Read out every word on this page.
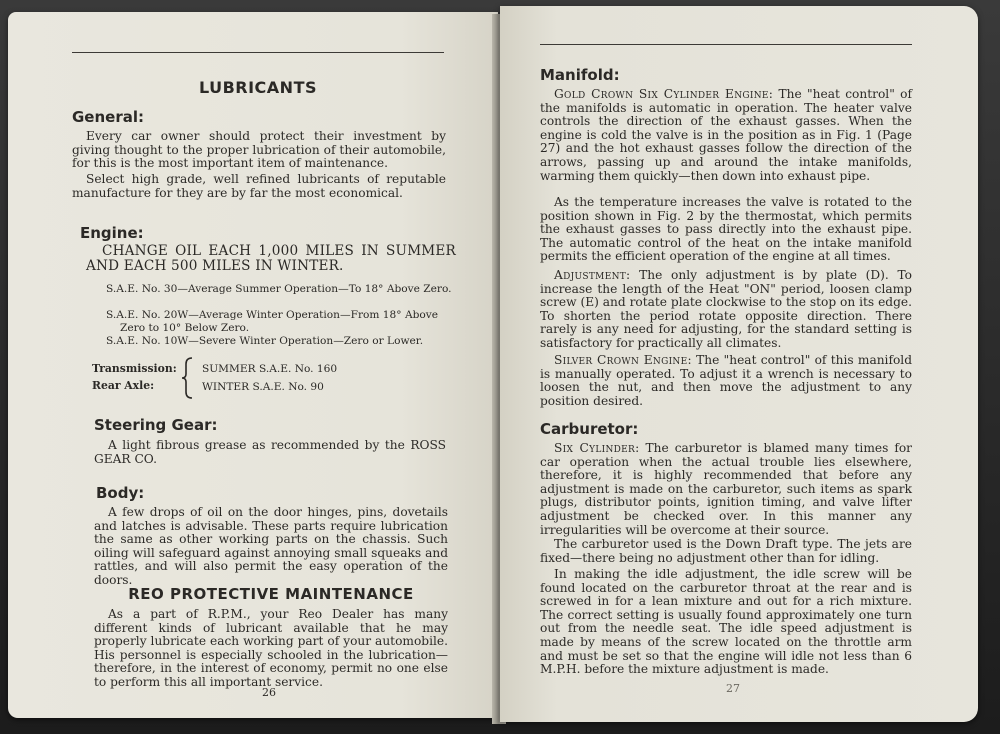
LUBRICANTS
General:

Every car owner should protect their investment by giving thought to the proper lubrication of their automobile, for this is the most important item of maintenance.

Select high grade, well refined lubricants of reputable manufacture for they are by far the most economical.

Engine:

CHANGE OIL EACH 1,000 MILES IN SUMMER AND EACH 500 MILES IN WINTER.

S.A.E. No. 30—Average Summer Operation—To 18° Above Zero.

S.A.E. No. 20W—Average Winter Operation—From 18° Above Zero to 10° Below Zero.

S.A.E. No. 10W—Severe Winter Operation—Zero or Lower.

Transmission:
Rear Axle:
SUMMER S.A.E. No. 160
WINTER S.A.E. No. 90
Steering Gear:

A light fibrous grease as recommended by the ROSS GEAR CO.

Body:

A few drops of oil on the door hinges, pins, dovetails and latches is advisable. These parts require lubrication the same as other working parts on the chassis. Such oiling will safeguard against annoying small squeaks and rattles, and will also permit the easy operation of the doors.

REO PROTECTIVE MAINTENANCE

As a part of R.P.M., your Reo Dealer has many different kinds of lubricant available that he may properly lubricate each working part of your automobile. His personnel is especially schooled in the lubrication—therefore, in the interest of economy, permit no one else to perform this all important service.

26
Manifold:

Gold Crown Six Cylinder Engine: The "heat control" of the manifolds is automatic in operation. The heater valve controls the direction of the exhaust gasses. When the engine is cold the valve is in the position as in Fig. 1 (Page 27) and the hot exhaust gasses follow the direction of the arrows, passing up and around the intake manifolds, warming them quickly—then down into exhaust pipe.

As the temperature increases the valve is rotated to the position shown in Fig. 2 by the thermostat, which permits the exhaust gasses to pass directly into the exhaust pipe. The automatic control of the heat on the intake manifold permits the efficient operation of the engine at all times.

Adjustment: The only adjustment is by plate (D). To increase the length of the Heat "ON" period, loosen clamp screw (E) and rotate plate clockwise to the stop on its edge. To shorten the period rotate opposite direction. There rarely is any need for adjusting, for the standard setting is satisfactory for practically all climates.

Silver Crown Engine: The "heat control" of this manifold is manually operated. To adjust it a wrench is necessary to loosen the nut, and then move the adjustment to any position desired.

Carburetor:

Six Cylinder: The carburetor is blamed many times for car operation when the actual trouble lies elsewhere, therefore, it is highly recommended that before any adjustment is made on the carburetor, such items as spark plugs, distributor points, ignition timing, and valve lifter adjustment be checked over. In this manner any irregularities will be overcome at their source.

The carburetor used is the Down Draft type. The jets are fixed—there being no adjustment other than for idling.

In making the idle adjustment, the idle screw will be found located on the carburetor throat at the rear and is screwed in for a lean mixture and out for a rich mixture. The correct setting is usually found approximately one turn out from the needle seat. The idle speed adjustment is made by means of the screw located on the throttle arm and must be set so that the engine will idle not less than 6 M.P.H. before the mixture adjustment is made.

27
